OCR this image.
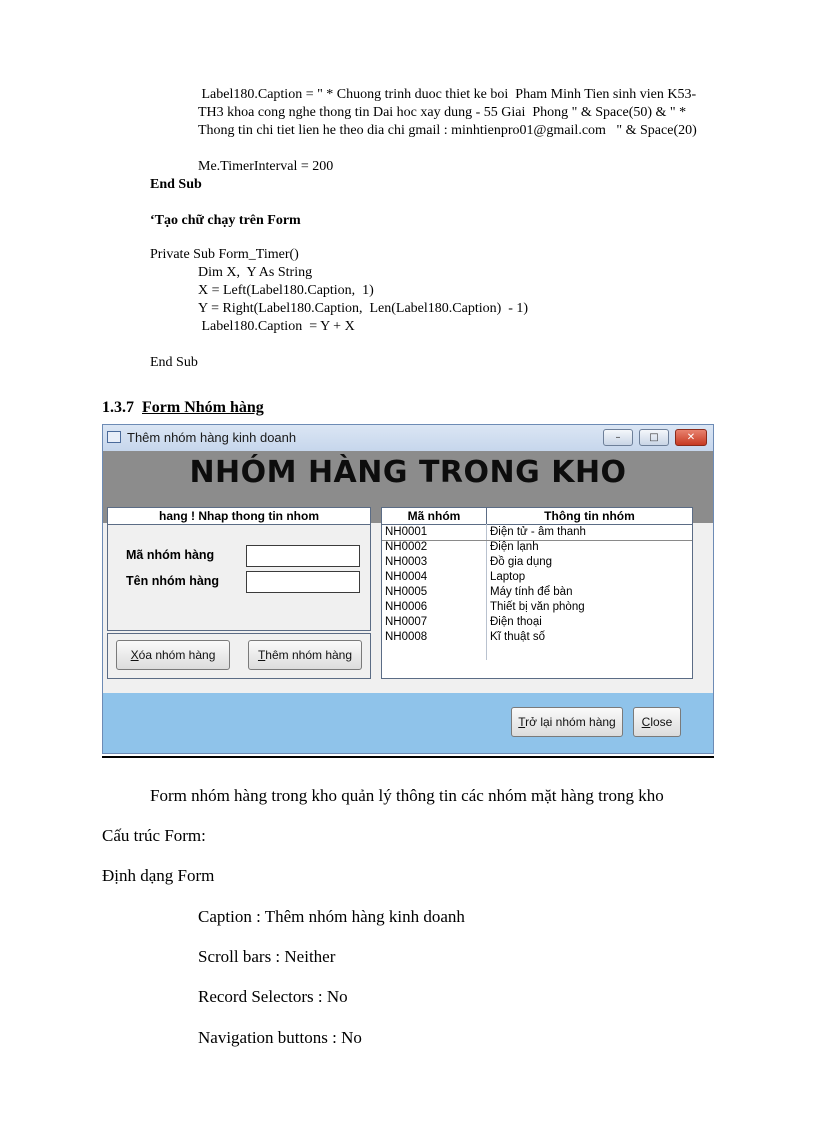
Label180.Caption = " * Chuong trinh duoc thiet ke boi  Pham Minh Tien sinh vien K53-
TH3 khoa cong nghe thong tin Dai hoc xay dung - 55 Giai  Phong " & Space(50) & " *
Thong tin chi tiet lien he theo dia chi gmail : minhtienpro01@gmail.com   " & Space(20)
Me.TimerInterval = 200
End Sub
‘Tạo chữ chạy trên Form
Private Sub Form_Timer()
Dim X,  Y As String
X = Left(Label180.Caption,  1)
Y = Right(Label180.Caption,  Len(Label180.Caption)  - 1)
Label180.Caption  = Y + X
End Sub
1.3.7 Form Nhóm hàng
Thêm nhóm hàng kinh doanh	–	□	✕
NHÓM HÀNG TRONG KHO
hang ! Nhap thong tin nhom
Mã nhóm hàng
Tên nhóm hàng
Xóa nhóm hàng	Thêm nhóm hàng
Mã nhóm	Thông tin nhóm
NH0001	Điện tử - âm thanh
NH0002	Điện lạnh
NH0003	Đồ gia dụng
NH0004	Laptop
NH0005	Máy tính để bàn
NH0006	Thiết bị văn phòng
NH0007	Điện thoại
NH0008	Kĩ thuật số
Trở lại nhóm hàng	Close
Form nhóm hàng trong kho quản lý thông tin các nhóm mặt hàng trong kho
Cấu trúc Form:
Định dạng Form
Caption : Thêm nhóm hàng kinh doanh
Scroll bars : Neither
Record Selectors : No
Navigation buttons : No
